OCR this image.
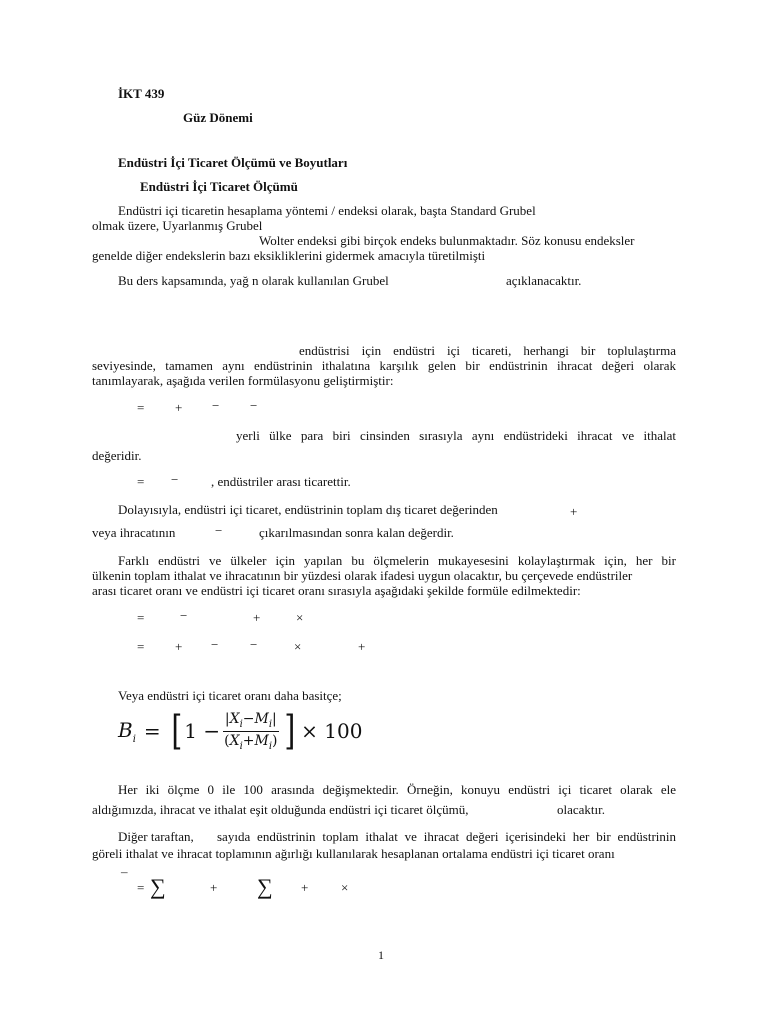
İKT 439
Güz Dönemi
Endüstri İçi Ticaret Ölçümü ve Boyutları
Endüstri İçi Ticaret Ölçümü
Endüstri içi ticaretin hesaplama yöntemi / endeksi olarak, başta Standard Grubel
olmak üzere, Uyarlanmış Grubel
Wolter endeksi gibi birçok endeks bulunmaktadır. Söz konusu endeksler
genelde diğer endekslerin bazı eksikliklerini gidermek amacıyla türetilmişti
Bu ders kapsamında, yağ n olarak kullanılan Grubel	açıklanacaktır.
endüstrisi için endüstri içi ticareti, herhangi bir toplulaştırma
seviyesinde, tamamen aynı endüstrinin ithalatına karşılık gelen bir endüstrinin ihracat değeri olarak
tanımlayarak, aşağıda verilen formülasyonu geliştirmiştir:
= + − −
yerli ülke para biri cinsinden sırasıyla aynı endüstrideki ihracat ve ithalat
değeridir.
= −	, endüstriler arası ticarettir.
Dolayısıyla, endüstri içi ticaret, endüstrinin toplam dış ticaret değerinden	+
veya ihracatının	−	çıkarılmasından sonra kalan değerdir.
Farklı endüstri ve ülkeler için yapılan bu ölçmelerin mukayesesini kolaylaştırmak için, her bir
ülkenin toplam ithalat ve ihracatının bir yüzdesi olarak ifadesi uygun olacaktır, bu çerçevede endüstriler
arası ticaret oranı ve endüstri içi ticaret oranı sırasıyla aşağıdaki şekilde formüle edilmektedir:
=	−	+	×
= + − −	×	+
Veya endüstri içi ticaret oranı daha basitçe;
$B_i$ = [ $1 - \frac{|X_i-M_i|}{(X_i+M_i)}$ ] × 100
Her iki ölçme 0 ile 100 arasında değişmektedir. Örneğin, konuyu endüstri içi ticaret olarak ele
aldığımızda, ihracat ve ithalat eşit olduğunda endüstri içi ticaret ölçümü,	olacaktır.
Diğer taraftan, sayıda endüstrinin toplam ithalat ve ihracat değeri içerisindeki her bir endüstrinin
göreli ithalat ve ihracat toplamının ağırlığı kullanılarak hesaplanan ortalama endüstri içi ticaret oranı
¯
= ∑	+ ∑ +	×
1
